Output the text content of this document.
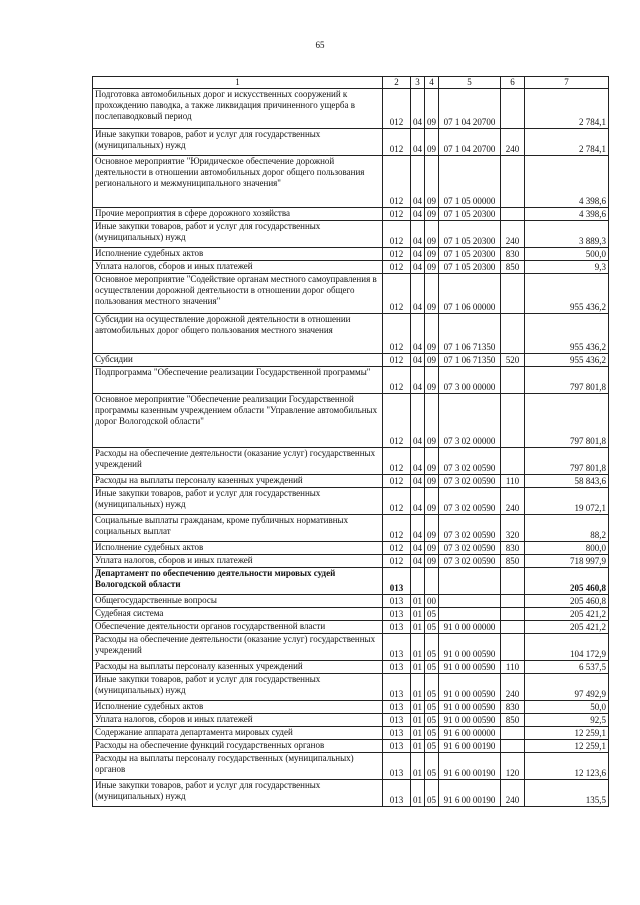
65
1	2	3	4	5	6	7
Подготовка автомобильных дорог и искусственных сооружений к прохождению паводка, а также ликвидация причиненного ущерба в послепаводковый период	012	04	09	07 1 04 20700		2 784,1
Иные закупки товаров, работ и услуг для государственных (муниципальных) нужд	012	04	09	07 1 04 20700	240	2 784,1
Основное мероприятие "Юридическое обеспечение дорожной деятельности в отношении автомобильных дорог общего пользования регионального и межмуниципального значения"	012	04	09	07 1 05 00000		4 398,6
Прочие мероприятия в сфере дорожного хозяйства	012	04	09	07 1 05 20300		4 398,6
Иные закупки товаров, работ и услуг для государственных (муниципальных) нужд	012	04	09	07 1 05 20300	240	3 889,3
Исполнение судебных актов	012	04	09	07 1 05 20300	830	500,0
Уплата налогов, сборов и иных платежей	012	04	09	07 1 05 20300	850	9,3
Основное мероприятие "Содействие органам местного самоуправления в осуществлении дорожной деятельности в отношении дорог общего пользования местного значения"	012	04	09	07 1 06 00000		955 436,2
Субсидии на осуществление дорожной деятельности в отношении автомобильных дорог общего пользования местного значения	012	04	09	07 1 06 71350		955 436,2
Субсидии	012	04	09	07 1 06 71350	520	955 436,2
Подпрограмма "Обеспечение реализации Государственной программы"	012	04	09	07 3 00 00000		797 801,8
Основное мероприятие "Обеспечение реализации Государственной программы казенным учреждением области "Управление автомобильных дорог Вологодской области"	012	04	09	07 3 02 00000		797 801,8
Расходы на обеспечение деятельности (оказание услуг) государственных учреждений	012	04	09	07 3 02 00590		797 801,8
Расходы на выплаты персоналу казенных учреждений	012	04	09	07 3 02 00590	110	58 843,6
Иные закупки товаров, работ и услуг для государственных (муниципальных) нужд	012	04	09	07 3 02 00590	240	19 072,1
Социальные выплаты гражданам, кроме публичных нормативных социальных выплат	012	04	09	07 3 02 00590	320	88,2
Исполнение судебных актов	012	04	09	07 3 02 00590	830	800,0
Уплата налогов, сборов и иных платежей	012	04	09	07 3 02 00590	850	718 997,9
Департамент по обеспечению деятельности мировых судей Вологодской области	013					205 460,8
Общегосударственные вопросы	013	01	00			205 460,8
Судебная система	013	01	05			205 421,2
Обеспечение деятельности органов государственной власти	013	01	05	91 0 00 00000		205 421,2
Расходы на обеспечение деятельности (оказание услуг) государственных учреждений	013	01	05	91 0 00 00590		104 172,9
Расходы на выплаты персоналу казенных учреждений	013	01	05	91 0 00 00590	110	6 537,5
Иные закупки товаров, работ и услуг для государственных (муниципальных) нужд	013	01	05	91 0 00 00590	240	97 492,9
Исполнение судебных актов	013	01	05	91 0 00 00590	830	50,0
Уплата налогов, сборов и иных платежей	013	01	05	91 0 00 00590	850	92,5
Содержание аппарата департамента мировых судей	013	01	05	91 6 00 00000		12 259,1
Расходы на обеспечение функций государственных органов	013	01	05	91 6 00 00190		12 259,1
Расходы на выплаты персоналу государственных (муниципальных) органов	013	01	05	91 6 00 00190	120	12 123,6
Иные закупки товаров, работ и услуг для государственных (муниципальных) нужд	013	01	05	91 6 00 00190	240	135,5
